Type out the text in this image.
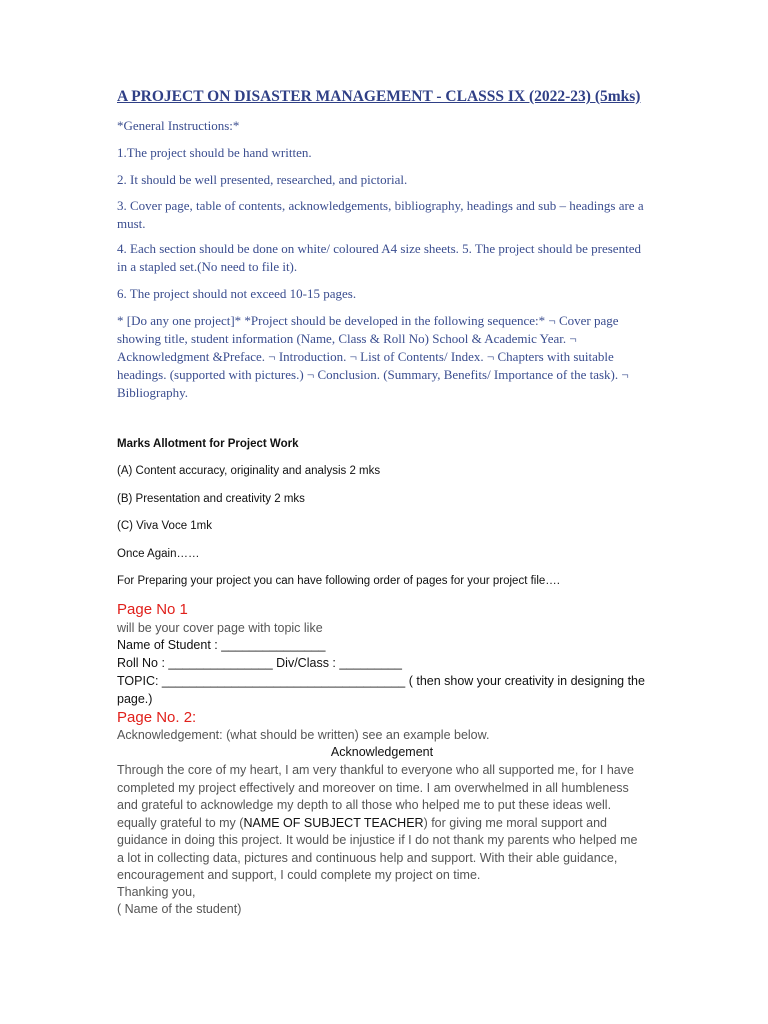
A PROJECT ON DISASTER MANAGEMENT - CLASSS IX (2022-23) (5mks)

*General Instructions:*

1.The project should be hand written.

2. It should be well presented, researched, and pictorial.

3. Cover page, table of contents, acknowledgements, bibliography, headings and sub – headings are a must.

4. Each section should be done on white/ coloured A4 size sheets. 5. The project should be presented in a stapled set.(No need to file it).

6. The project should not exceed 10-15 pages.

* [Do any one project]* *Project should be developed in the following sequence:* ¬ Cover page showing title, student information (Name, Class & Roll No) School & Academic Year. ¬ Acknowledgment &Preface. ¬ Introduction. ¬ List of Contents/ Index. ¬ Chapters with suitable headings. (supported with pictures.) ¬ Conclusion. (Summary, Benefits/ Importance of the task). ¬ Bibliography.

Marks Allotment for Project Work

(A) Content accuracy, originality and analysis 2 mks

(B) Presentation and creativity 2 mks

(C) Viva Voce 1mk

Once Again……

For Preparing your project you can have following order of pages for your project file….

Page No 1
will be your cover page with topic like
Name of Student : _______________
Roll No : _______________ Div/Class : _________
TOPIC: ___________________________________ ( then show your creativity in designing the
page.)
Page No. 2:
Acknowledgement: (what should be written) see an example below.
Acknowledgement
Through the core of my heart, I am very thankful to everyone who all supported me, for I have completed my project effectively and moreover on time. I am overwhelmed in all humbleness and grateful to acknowledge my depth to all those who helped me to put these ideas well. equally grateful to my (NAME OF SUBJECT TEACHER) for giving me moral support and guidance in doing this project. It would be injustice if I do not thank my parents who helped me a lot in collecting data, pictures and continuous help and support. With their able guidance, encouragement and support, I could complete my project on time.
Thanking you,
( Name of the student)
